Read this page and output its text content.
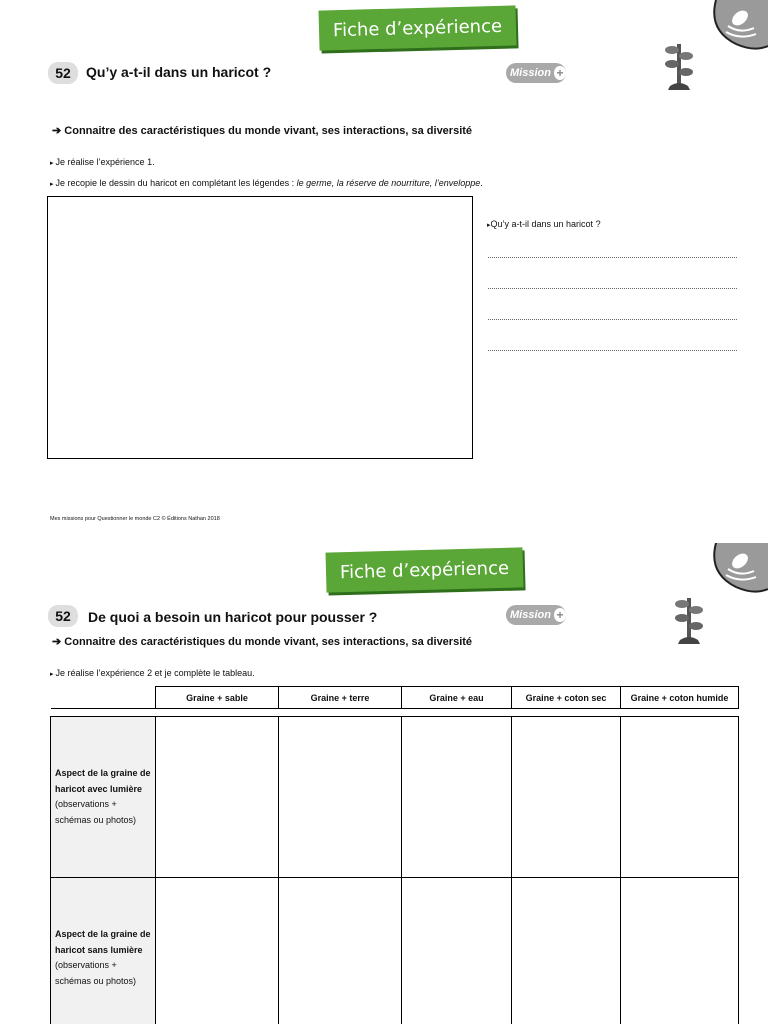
Fiche d’expérience
52 Qu’y a-t-il dans un haricot ?	Mission +
➔ Connaitre des caractéristiques du monde vivant, ses interactions, sa diversité
▸ Je réalise l’expérience 1.
▸ Je recopie le dessin du haricot en complétant les légendes : le germe, la réserve de nourriture, l’enveloppe.
▸Qu’y a-t-il dans un haricot ?
Mes missions pour Questionner le monde C2 © Éditions Nathan 2018
Fiche d’expérience
52 De quoi a besoin un haricot pour pousser ?	Mission +
➔ Connaitre des caractéristiques du monde vivant, ses interactions, sa diversité
▸ Je réalise l’expérience 2 et je complète le tableau.
	Graine + sable	Graine + terre	Graine + eau	Graine + coton sec	Graine + coton humide

Aspect de la graine de haricot avec lumière
(observations + schémas ou photos)					
Aspect de la graine de haricot sans lumière
(observations + schémas ou photos)					
